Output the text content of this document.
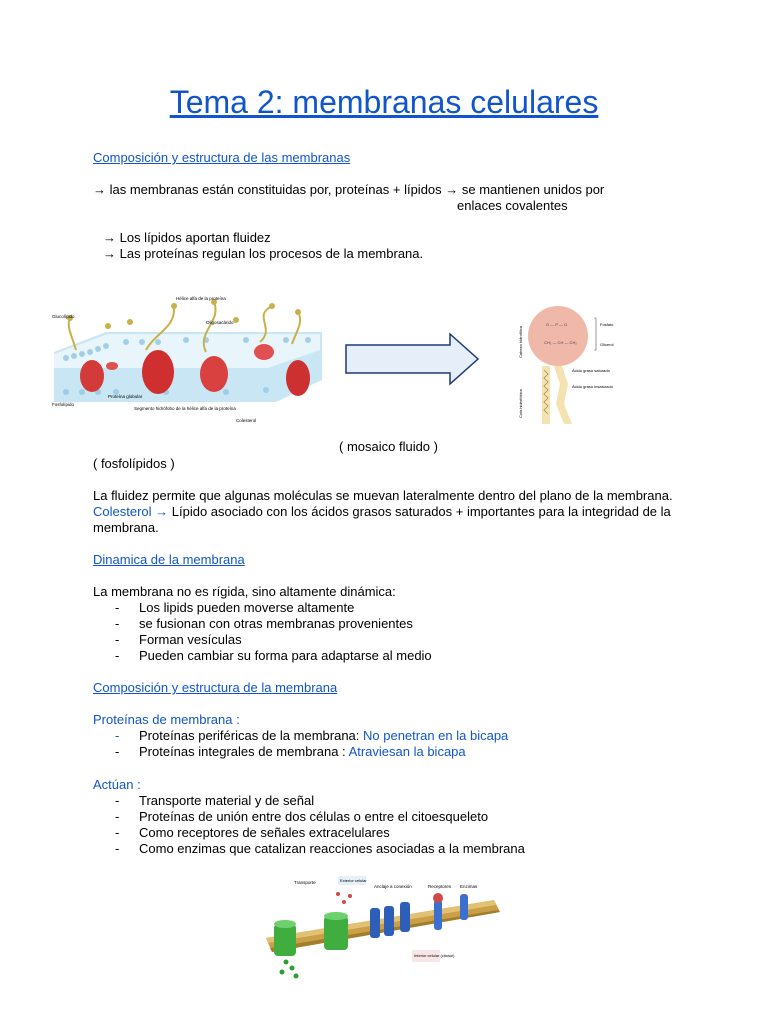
Tema 2: membranas celulares
Composición y estructura de las membranas
→ las membranas están constituidas por, proteínas + lípidos → se mantienen unidos por
enlaces covalentes
→ Los lípidos aportan fluidez
→ Las proteínas regulan los procesos de la membrana.
Hélice alfa de la proteína
Glucolípido
Oligosacárido
Fosfolípido
Proteína globular
Segmento hidrófobo de la hélice alfa de la proteína
Colesterol
O — P — O
CH₂ — CH — CH₂
Cabeza hidrofílica
Cola hidrofóbica
Fosfato
Glicerol
Ácido graso saturado
Ácido graso insaturado
( mosaico fluido )
( fosfolípidos )
La fluidez permite que algunas moléculas se muevan lateralmente dentro del plano de la membrana.
Colesterol → Lípido asociado con los ácidos grasos saturados + importantes para la integridad de la
membrana.
Dinamica de la membrana
La membrana no es rígida, sino altamente dinámica:
- Los lipids pueden moverse altamente
- se fusionan con otras membranas provenientes
- Forman vesículas
- Pueden cambiar su forma para adaptarse al medio
Composición y estructura de la membrana
Proteínas de membrana :
- Proteínas periféricas de la membrana: No penetran en la bicapa
- Proteínas integrales de membrana : Atraviesan la bicapa
Actúan :
- Transporte material y de señal
- Proteínas de unión entre dos células o entre el citoesqueleto
- Como receptores de señales extracelulares
- Como enzimas que catalizan reacciones asociadas a la membrana
Transporte	Exterior celular
Anclaje a conexión	Receptores Enzimas
Interior celular (citosol)
